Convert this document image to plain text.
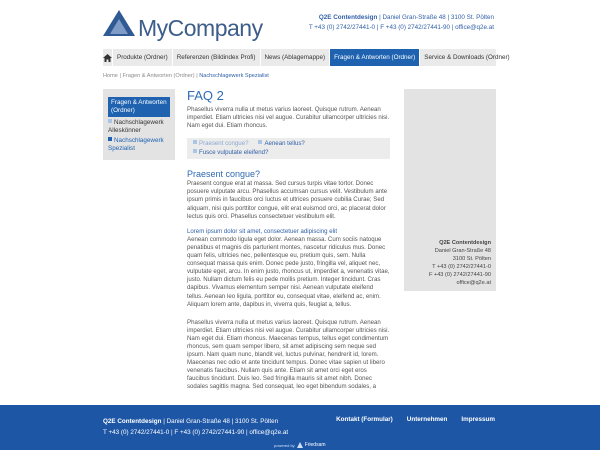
MyCompany	Q2E Contentdesign | Daniel Gran-Straße 48 | 3100 St. Pölten
T +43 (0) 2742/27441-0 | F +43 (0) 2742/27441-90 | office@q2e.at
Produkte (Ordner)	Referenzen (Bildindex Profi)	News (Ablagemappe)	Fragen & Antworten (Ordner)	Service & Downloads (Ordner)
Home | Fragen & Antworten (Ordner) | Nachschlagewerk Spezialist
Fragen & Antworten (Ordner)
Nachschlagewerk Alleskönner
Nachschlagewerk Spezialist
FAQ 2
Phasellus viverra nulla ut metus varius laoreet. Quisque rutrum. Aenean imperdiet. Etiam ultricies nisi vel augue. Curabitur ullamcorper ultricies nisi. Nam eget dui. Etiam rhoncus.
Praesent congue?	Aenean tellus?
Fusce vulputate eleifend?
Praesent congue?
Praesent congue erat at massa. Sed cursus turpis vitae tortor. Donec posuere vulputate arcu. Phasellus accumsan cursus velit. Vestibulum ante ipsum primis in faucibus orci luctus et ultrices posuere cubilia Curae; Sed aliquam, nisi quis porttitor congue, elit erat euismod orci, ac placerat dolor lectus quis orci. Phasellus consectetuer vestibulum elit.
Lorem ipsum dolor sit amet, consectetuer adipiscing elit
Aenean commodo ligula eget dolor. Aenean massa. Cum sociis natoque penatibus et magnis dis parturient montes, nascetur ridiculus mus. Donec quam felis, ultricies nec, pellentesque eu, pretium quis, sem. Nulla consequat massa quis enim. Donec pede justo, fringilla vel, aliquet nec, vulputate eget, arcu. In enim justo, rhoncus ut, imperdiet a, venenatis vitae, justo. Nullam dictum felis eu pede mollis pretium. Integer tincidunt. Cras dapibus. Vivamus elementum semper nisi. Aenean vulputate eleifend tellus. Aenean leo ligula, porttitor eu, consequat vitae, eleifend ac, enim. Aliquam lorem ante, dapibus in, viverra quis, feugiat a, tellus.
Phasellus viverra nulla ut metus varius laoreet. Quisque rutrum. Aenean imperdiet. Etiam ultricies nisi vel augue. Curabitur ullamcorper ultricies nisi. Nam eget dui. Etiam rhoncus. Maecenas tempus, tellus eget condimentum rhoncus, sem quam semper libero, sit amet adipiscing sem neque sed ipsum. Nam quam nunc, blandit vel, luctus pulvinar, hendrerit id, lorem. Maecenas nec odio et ante tincidunt tempus. Donec vitae sapien ut libero venenatis faucibus. Nullam quis ante. Etiam sit amet orci eget eros faucibus tincidunt. Duis leo. Sed fringilla mauris sit amet nibh. Donec sodales sagittis magna. Sed consequat, leo eget bibendum sodales, a
Q2E Contentdesign
Daniel Gran-Straße 48
3100 St. Pölten
T +43 (0) 2742/27441-0
F +43 (0) 2742/27441-90
office@q2e.at
Q2E Contentdesign | Daniel Gran-Straße 48 | 3100 St. Pölten
T +43 (0) 2742/27441-0 | F +43 (0) 2742/27441-90 | office@q2e.at
Kontakt (Formular) Unternehmen Impressum
powered by Friedsam
